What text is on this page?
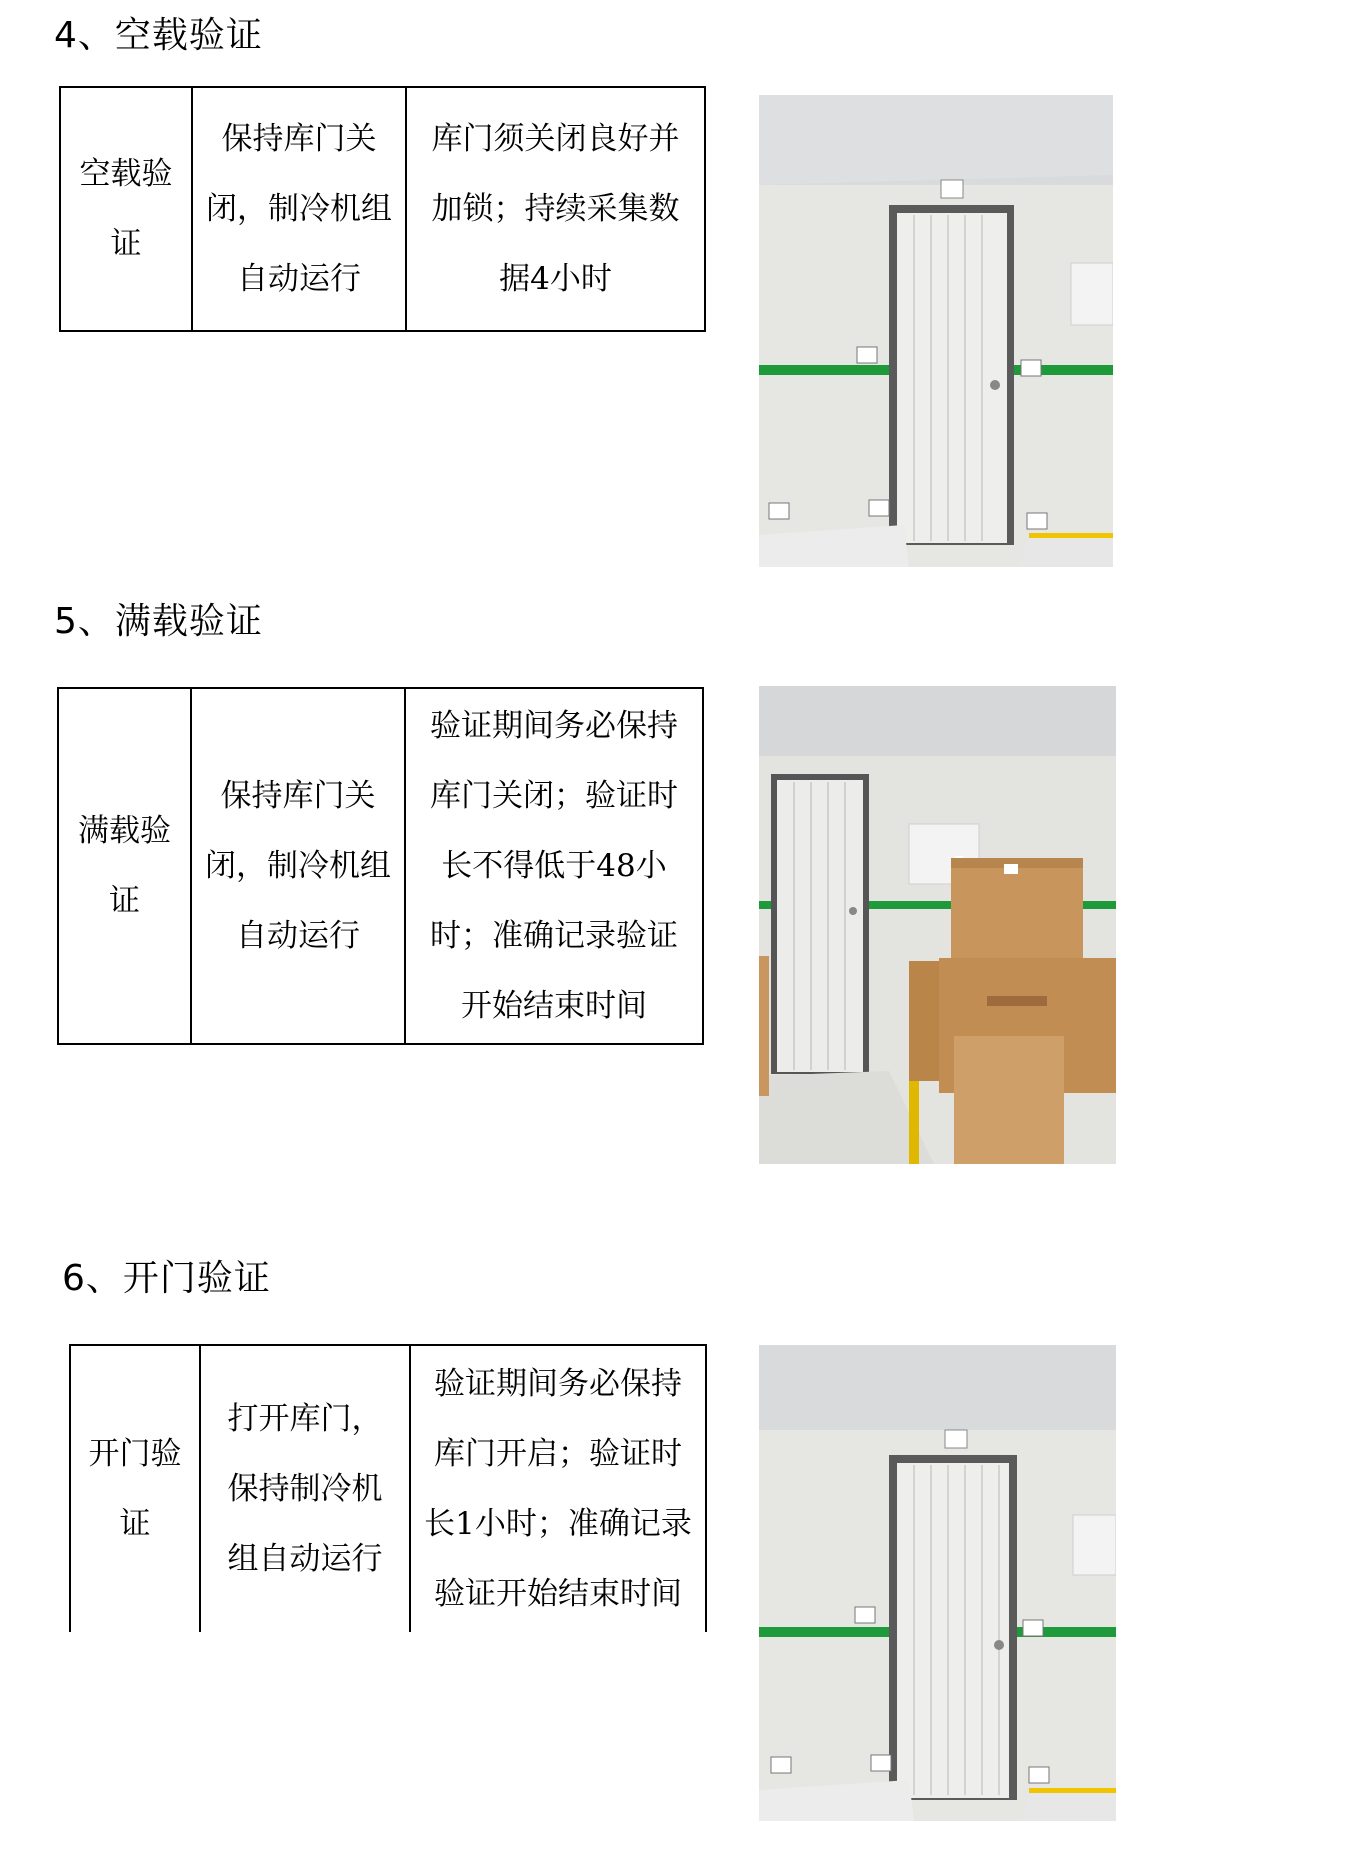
4、空载验证
空载验证	保持库门关闭，制冷机组自动运行	库门须关闭良好并加锁；持续采集数据4小时
5、满载验证
满载验证	保持库门关闭，制冷机组自动运行	验证期间务必保持库门关闭；验证时长不得低于48小时；准确记录验证开始结束时间
6、开门验证
开门验证	打开库门，保持制冷机组自动运行	验证期间务必保持库门开启；验证时长1小时；准确记录验证开始结束时间
